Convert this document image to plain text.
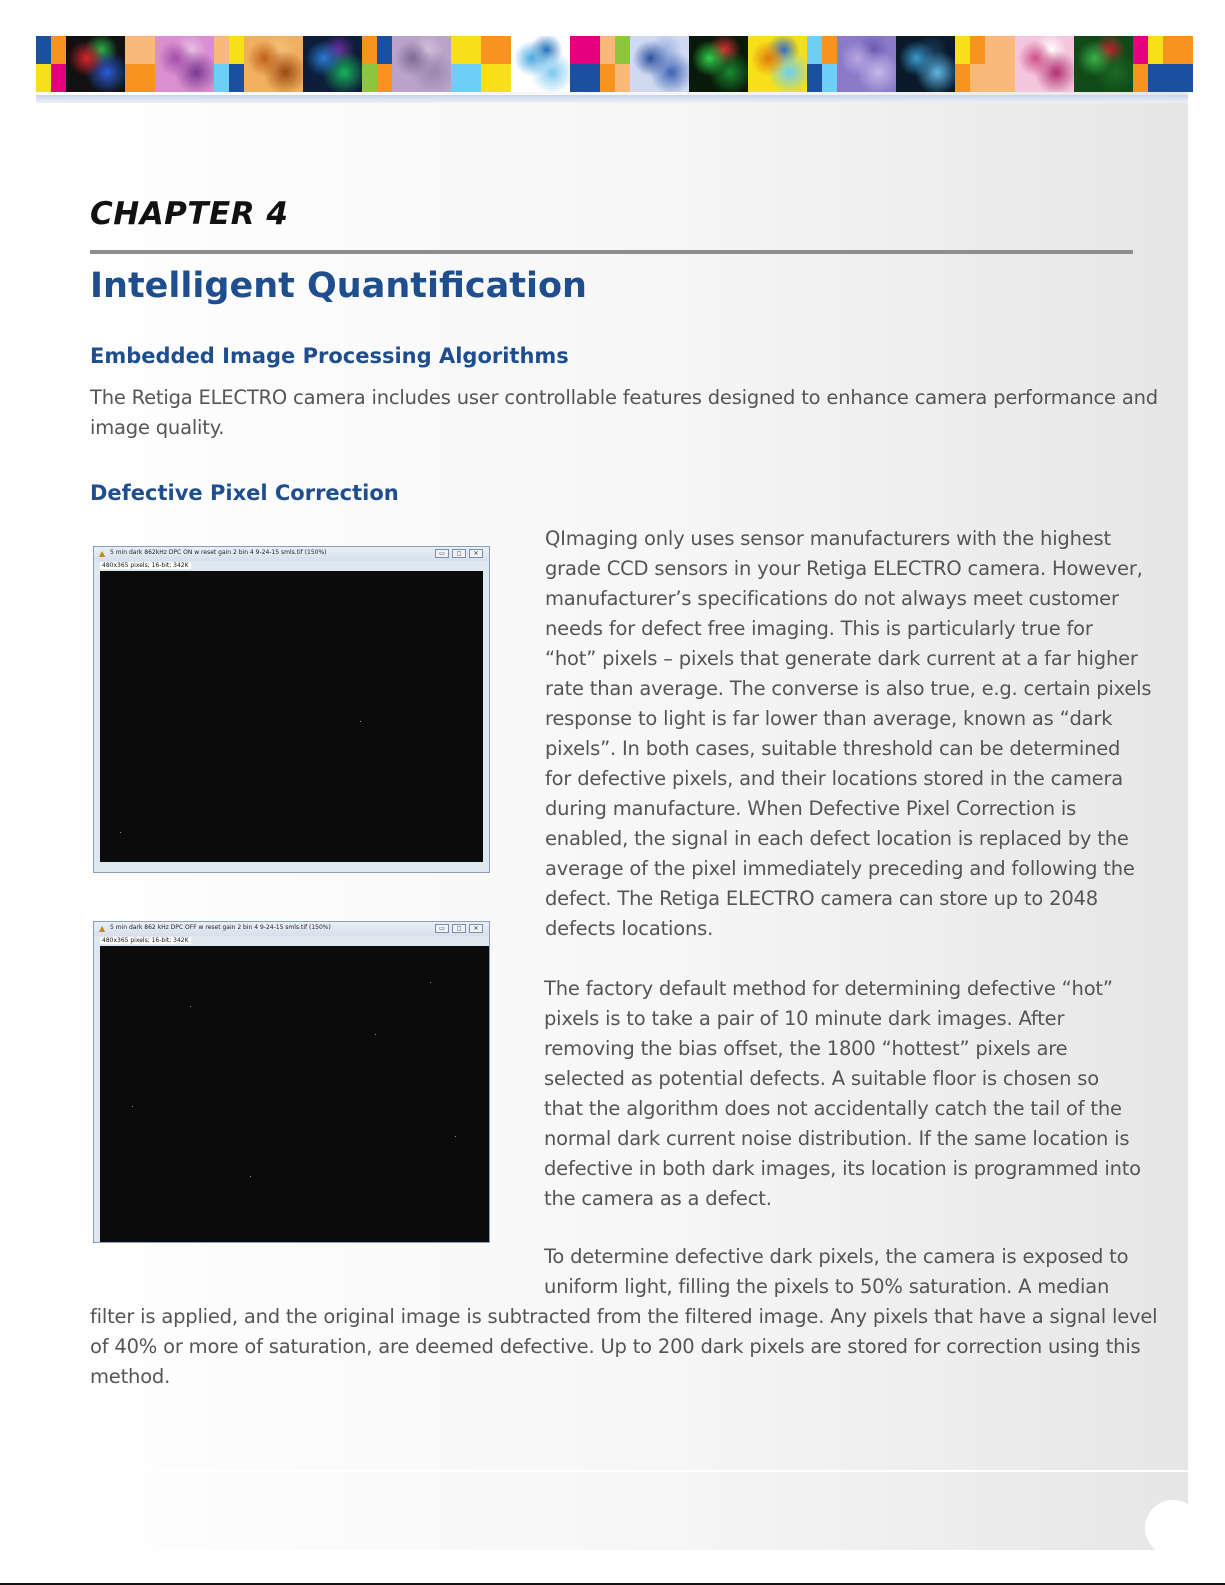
CHAPTER 4
Intelligent Quantification
Embedded Image Processing Algorithms
The Retiga ELECTRO camera includes user controllable features designed to enhance camera performance and
image quality.
Defective Pixel Correction
▲ 5 min dark 862kHz DPC ON w reset gain 2 bin 4 9-24-15 smls.tif (150%)	▭	◻	✕
480x365 pixels; 16-bit; 342K
▲ 5 min dark 862 kHz DPC OFF w reset gain 2 bin 4 9-24-15 smls.tif (150%)	▭	◻	✕
480x365 pixels; 16-bit; 342K
QImaging only uses sensor manufacturers with the highest
grade CCD sensors in your Retiga ELECTRO camera. However,
manufacturer’s specifications do not always meet customer
needs for defect free imaging. This is particularly true for
“hot” pixels – pixels that generate dark current at a far higher
rate than average. The converse is also true, e.g. certain pixels
response to light is far lower than average, known as “dark
pixels”. In both cases, suitable threshold can be determined
for defective pixels, and their locations stored in the camera
during manufacture. When Defective Pixel Correction is
enabled, the signal in each defect location is replaced by the
average of the pixel immediately preceding and following the
defect. The Retiga ELECTRO camera can store up to 2048
defects locations.
The factory default method for determining defective “hot”
pixels is to take a pair of 10 minute dark images. After
removing the bias offset, the 1800 “hottest” pixels are
selected as potential defects. A suitable floor is chosen so
that the algorithm does not accidentally catch the tail of the
normal dark current noise distribution. If the same location is
defective in both dark images, its location is programmed into
the camera as a defect.
To determine defective dark pixels, the camera is exposed to
uniform light, filling the pixels to 50% saturation. A median
filter is applied, and the original image is subtracted from the filtered image. Any pixels that have a signal level
of 40% or more of saturation, are deemed defective. Up to 200 dark pixels are stored for correction using this
method.
